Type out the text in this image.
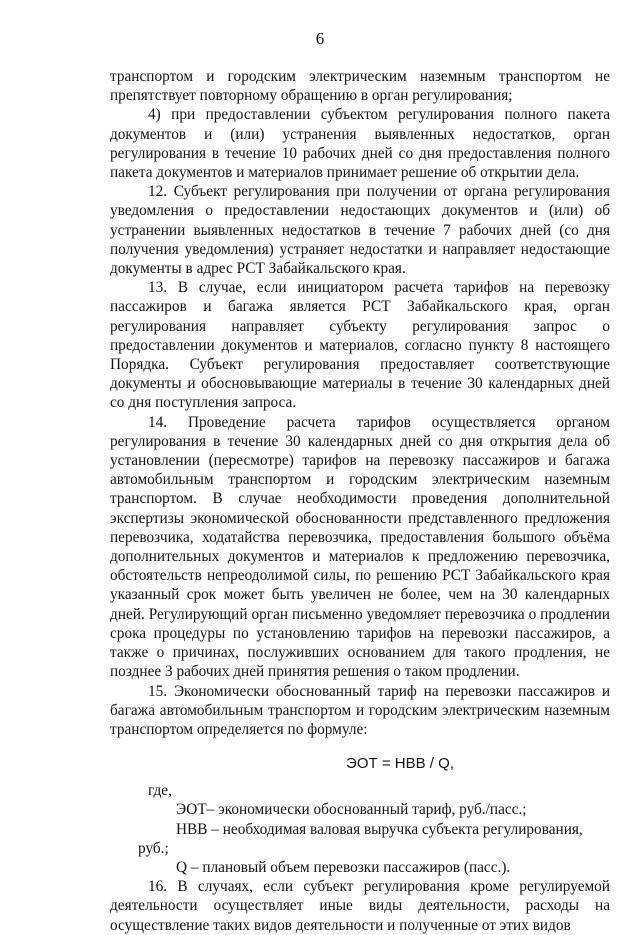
6

транспортом и городским электрическим наземным транспортом не препятствует повторному обращению в орган регулирования;

4) при предоставлении субъектом регулирования полного пакета документов и (или) устранения выявленных недостатков, орган регулирования в течение 10 рабочих дней со дня предоставления полного пакета документов и материалов принимает решение об открытии дела.

12. Субъект регулирования при получении от органа регулирования уведомления о предоставлении недостающих документов и (или) об устранении выявленных недостатков в течение 7 рабочих дней (со дня получения уведомления) устраняет недостатки и направляет недостающие документы в адрес РСТ Забайкальского края.

13. В случае, если инициатором расчета тарифов на перевозку пассажиров и багажа является РСТ Забайкальского края, орган регулирования направляет субъекту регулирования запрос о предоставлении документов и материалов, согласно пункту 8 настоящего Порядка. Субъект регулирования предоставляет соответствующие документы и обосновывающие материалы в течение 30 календарных дней со дня поступления запроса.

14. Проведение расчета тарифов осуществляется органом регулирования в течение 30 календарных дней со дня открытия дела об установлении (пересмотре) тарифов на перевозку пассажиров и багажа автомобильным транспортом и городским электрическим наземным транспортом. В случае необходимости проведения дополнительной экспертизы экономической обоснованности представленного предложения перевозчика, ходатайства перевозчика, предоставления большого объёма дополнительных документов и материалов к предложению перевозчика, обстоятельств непреодолимой силы, по решению РСТ Забайкальского края указанный срок может быть увеличен не более, чем на 30 календарных дней. Регулирующий орган письменно уведомляет перевозчика о продлении срока процедуры по установлению тарифов на перевозки пассажиров, а также о причинах, послуживших основанием для такого продления, не позднее 3 рабочих дней принятия решения о таком продлении.

15. Экономически обоснованный тариф на перевозки пассажиров и багажа автомобильным транспортом и городским электрическим наземным транспортом определяется по формуле:

ЭОТ = НВВ / Q,

где,

ЭОТ– экономически обоснованный тариф, руб./пасс.;

НВВ – необходимая валовая выручка субъекта регулирования, руб.;

Q – плановый объем перевозки пассажиров (пасс.).

16. В случаях, если субъект регулирования кроме регулируемой деятельности осуществляет иные виды деятельности, расходы на осуществление таких видов деятельности и полученные от этих видов
